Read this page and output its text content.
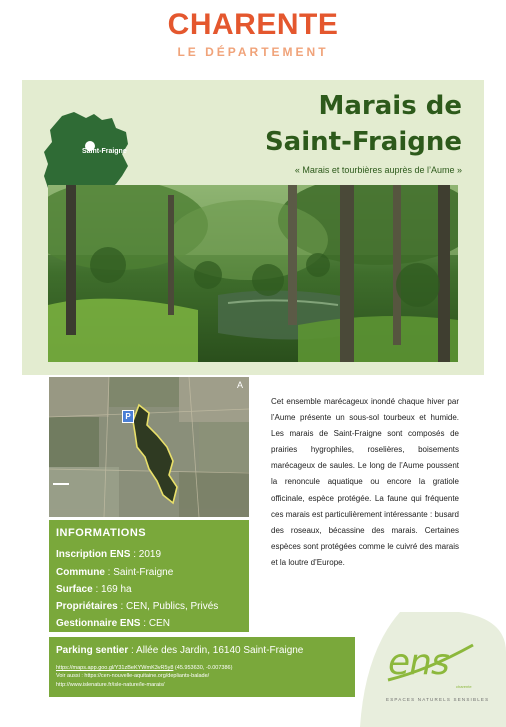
CHARENTE
LE DÉPARTEMENT
Saint-Fraigne
Marais de
Saint-Fraigne
« Marais et tourbières auprès de l’Aume »
P
A
INFORMATIONS
Inscription ENS : 2019
Commune : Saint-Fraigne
Surface : 169 ha
Propriétaires : CEN, Publics, Privés
Gestionnaire ENS : CEN
Cet ensemble marécageux inondé chaque hiver par l’Aume présente un sous-sol tourbeux et humide. Les marais de Saint-Fraigne sont composés de prairies hygrophiles, roselières, boisements marécageux de saules. Le long de l’Aume poussent la renoncule aquatique ou encore la gratiole officinale, espèce protégée. La faune qui fréquente ces marais est particulièrement intéressante : busard des roseaux, bécassine des marais. Certaines espèces sont protégées comme le cuivré des marais et la loutre d’Europe.
Parking sentier : Allée des Jardin, 16140 Saint-Fraigne
https://maps.app.goo.gl/Y31zBeKYWmK3vR5y8 (45.953630, -0.007386)
Voir aussi : https://cen-nouvelle-aquitaine.org/depliants-balade/
http://www.islenature.fr/isle-nature/le-marais/
ens
charente
ESPACES NATURELS SENSIBLES
